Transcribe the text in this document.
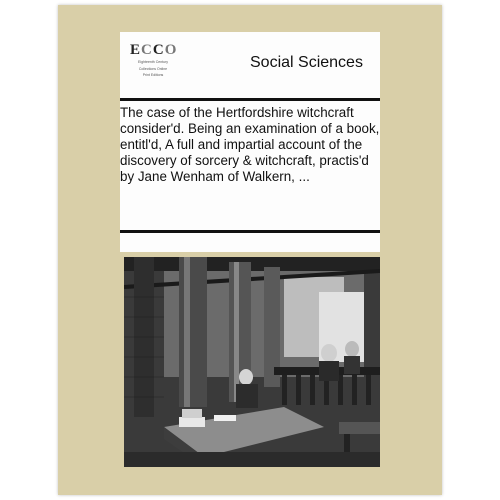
ECCO
Eighteenth Century
Collections Online
Print Editions
Social Sciences
The case of the Hertfordshire witchcraft consider'd. Being an examination of a book, entitl'd, A full and impartial account of the discovery of sorcery & witchcraft, practis'd by Jane Wenham of Walkern, ...
